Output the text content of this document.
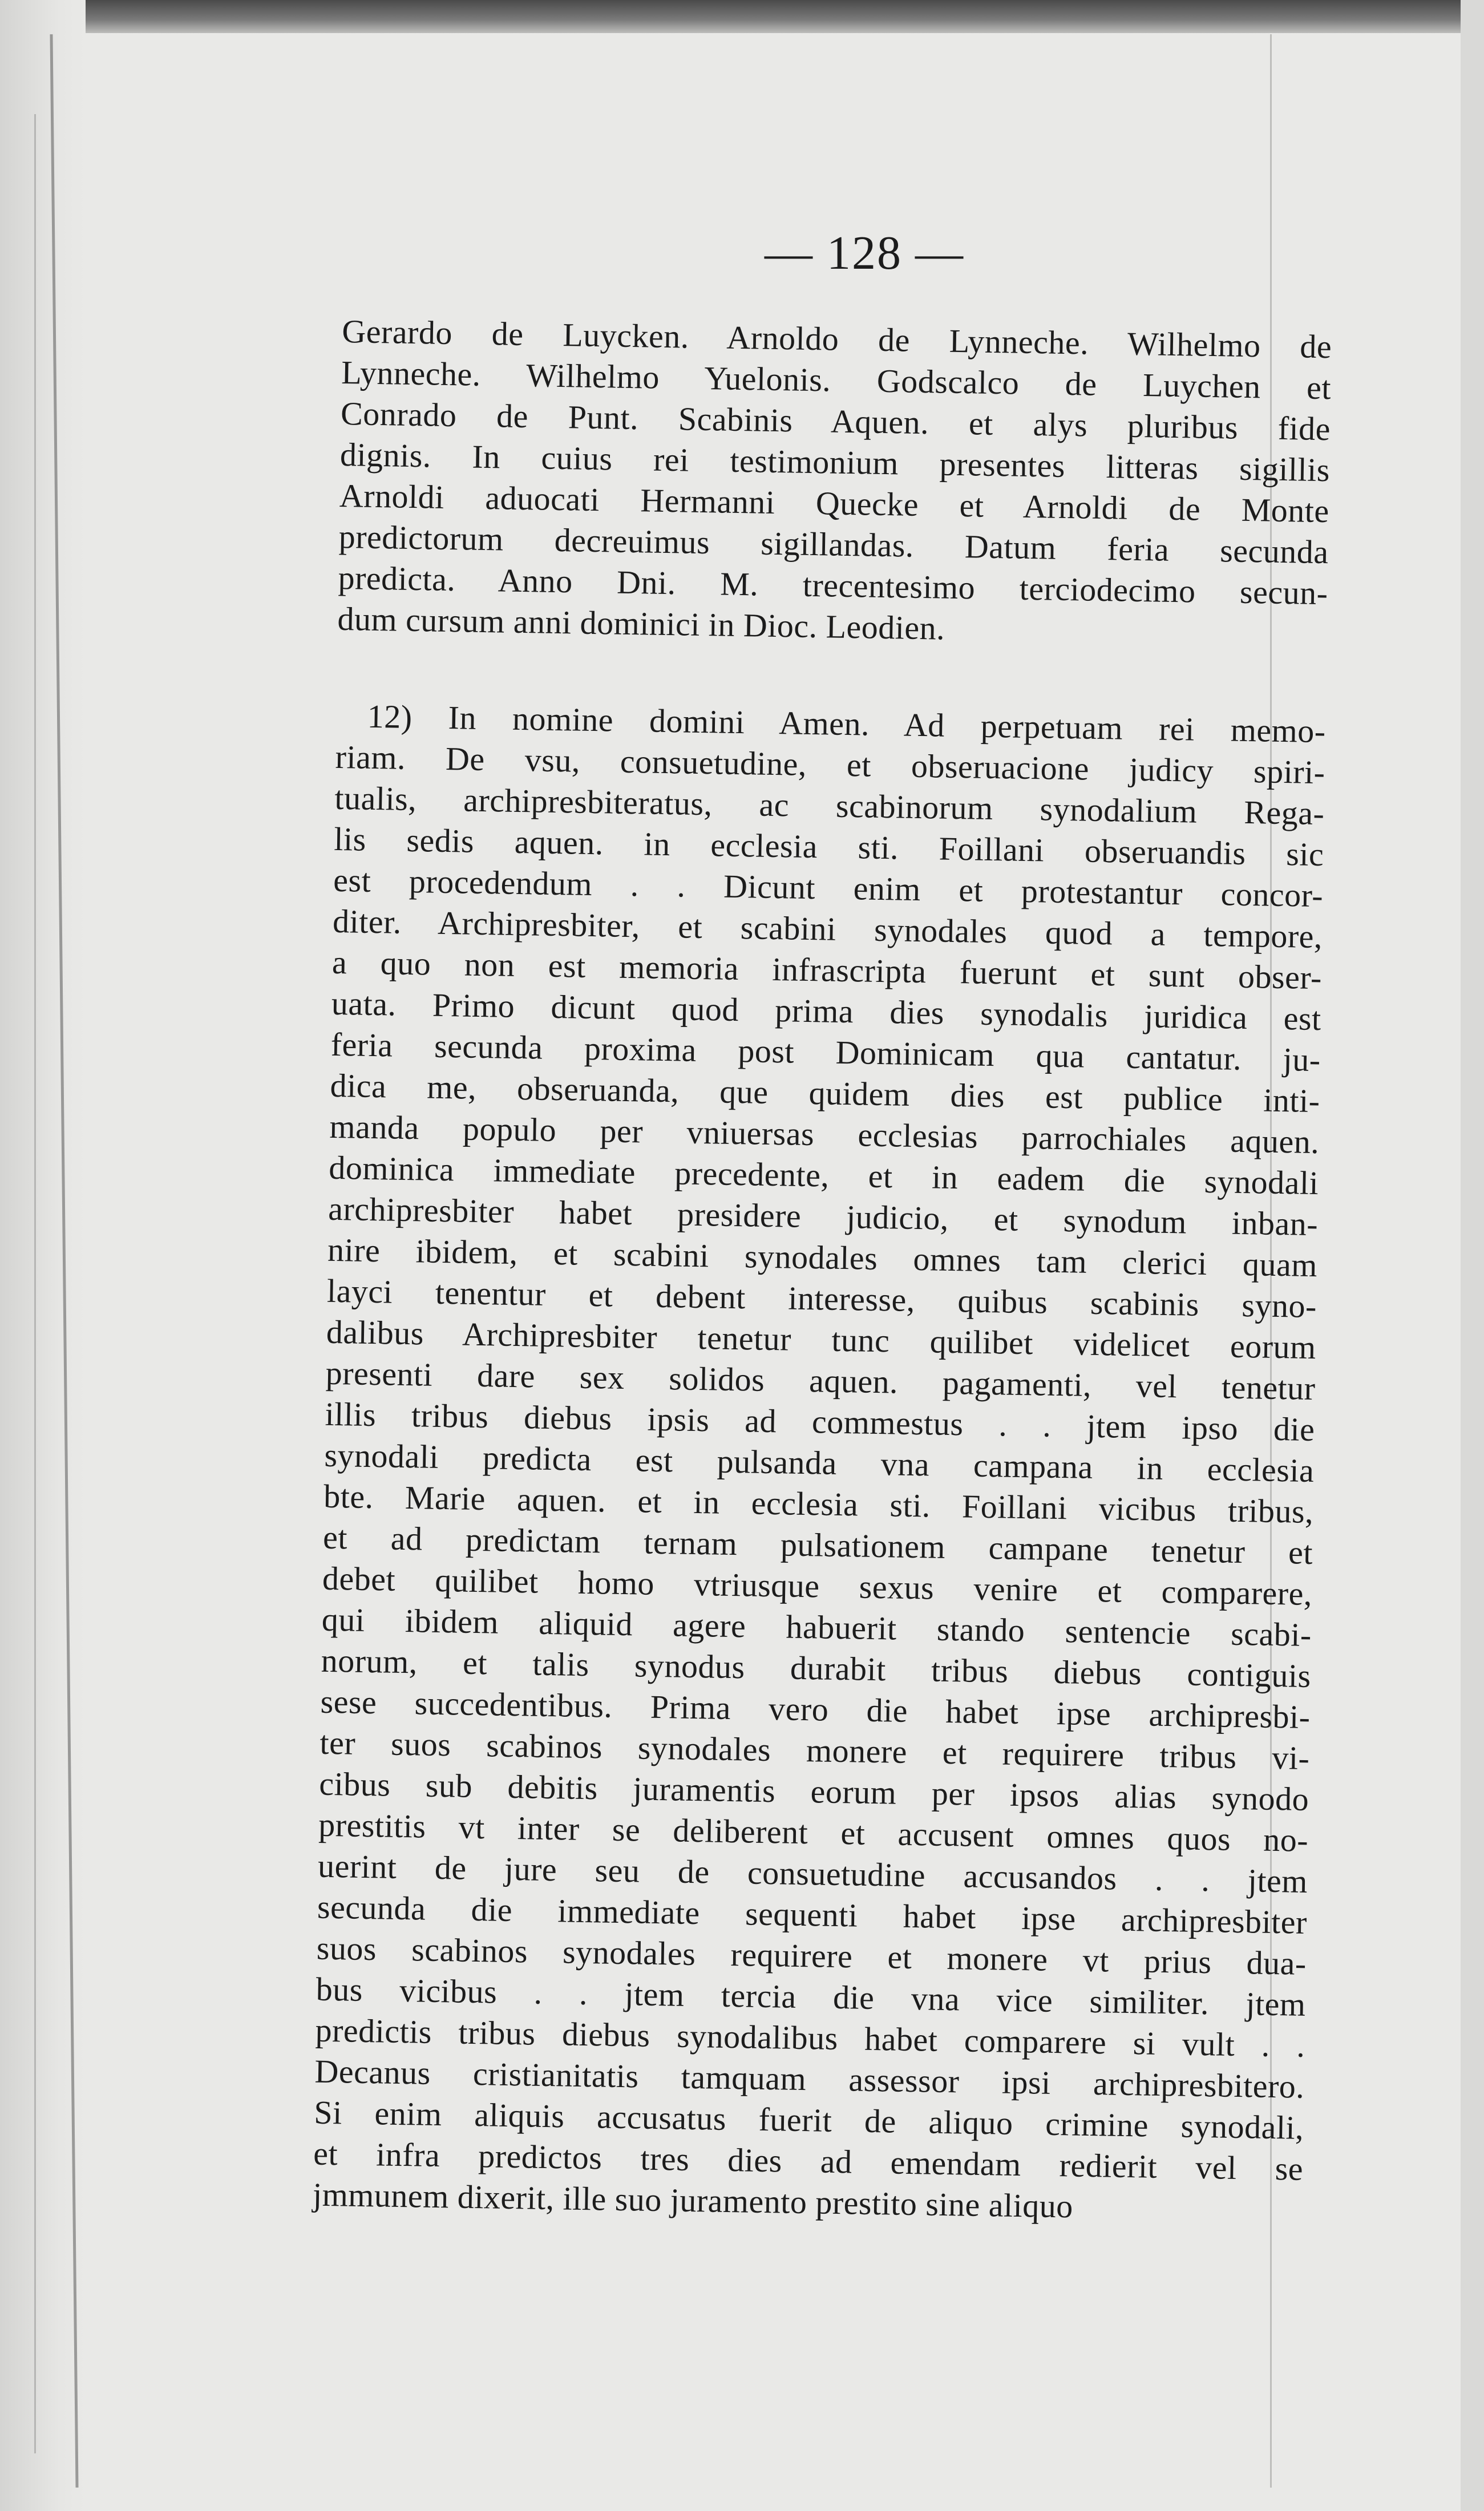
— 128 —
Gerardo de Luycken. Arnoldo de Lynneche. Wilhelmo de
Lynneche. Wilhelmo Yuelonis. Godscalco de Luychen et
Conrado de Punt. Scabinis Aquen. et alys pluribus fide
dignis. In cuius rei testimonium presentes litteras sigillis
Arnoldi aduocati Hermanni Quecke et Arnoldi de Monte
predictorum decreuimus sigillandas. Datum feria secunda
predicta. Anno Dni. M. trecentesimo terciodecimo secun-
dum cursum anni dominici in Dioc. Leodien.
12) In nomine domini Amen. Ad perpetuam rei memo-
riam. De vsu, consuetudine, et obseruacione judicy spiri-
tualis, archipresbiteratus, ac scabinorum synodalium Rega-
lis sedis aquen. in ecclesia sti. Foillani obseruandis sic
est procedendum . . Dicunt enim et protestantur concor-
diter. Archipresbiter, et scabini synodales quod a tempore,
a quo non est memoria infrascripta fuerunt et sunt obser-
uata. Primo dicunt quod prima dies synodalis juridica est
feria secunda proxima post Dominicam qua cantatur. ju-
dica me, obseruanda, que quidem dies est publice inti-
manda populo per vniuersas ecclesias parrochiales aquen.
dominica immediate precedente, et in eadem die synodali
archipresbiter habet presidere judicio, et synodum inban-
nire ibidem, et scabini synodales omnes tam clerici quam
layci tenentur et debent interesse, quibus scabinis syno-
dalibus Archipresbiter tenetur tunc quilibet videlicet eorum
presenti dare sex solidos aquen. pagamenti, vel tenetur
illis tribus diebus ipsis ad commestus . . jtem ipso die
synodali predicta est pulsanda vna campana in ecclesia
bte. Marie aquen. et in ecclesia sti. Foillani vicibus tribus,
et ad predictam ternam pulsationem campane tenetur et
debet quilibet homo vtriusque sexus venire et comparere,
qui ibidem aliquid agere habuerit stando sentencie scabi-
norum, et talis synodus durabit tribus diebus contiguis
sese succedentibus. Prima vero die habet ipse archipresbi-
ter suos scabinos synodales monere et requirere tribus vi-
cibus sub debitis juramentis eorum per ipsos alias synodo
prestitis vt inter se deliberent et accusent omnes quos no-
uerint de jure seu de consuetudine accusandos . . jtem
secunda die immediate sequenti habet ipse archipresbiter
suos scabinos synodales requirere et monere vt prius dua-
bus vicibus . . jtem tercia die vna vice similiter. jtem
predictis tribus diebus synodalibus habet comparere si vult . .
Decanus cristianitatis tamquam assessor ipsi archipresbitero.
Si enim aliquis accusatus fuerit de aliquo crimine synodali,
et infra predictos tres dies ad emendam redierit vel se
jmmunem dixerit, ille suo juramento prestito sine aliquo
